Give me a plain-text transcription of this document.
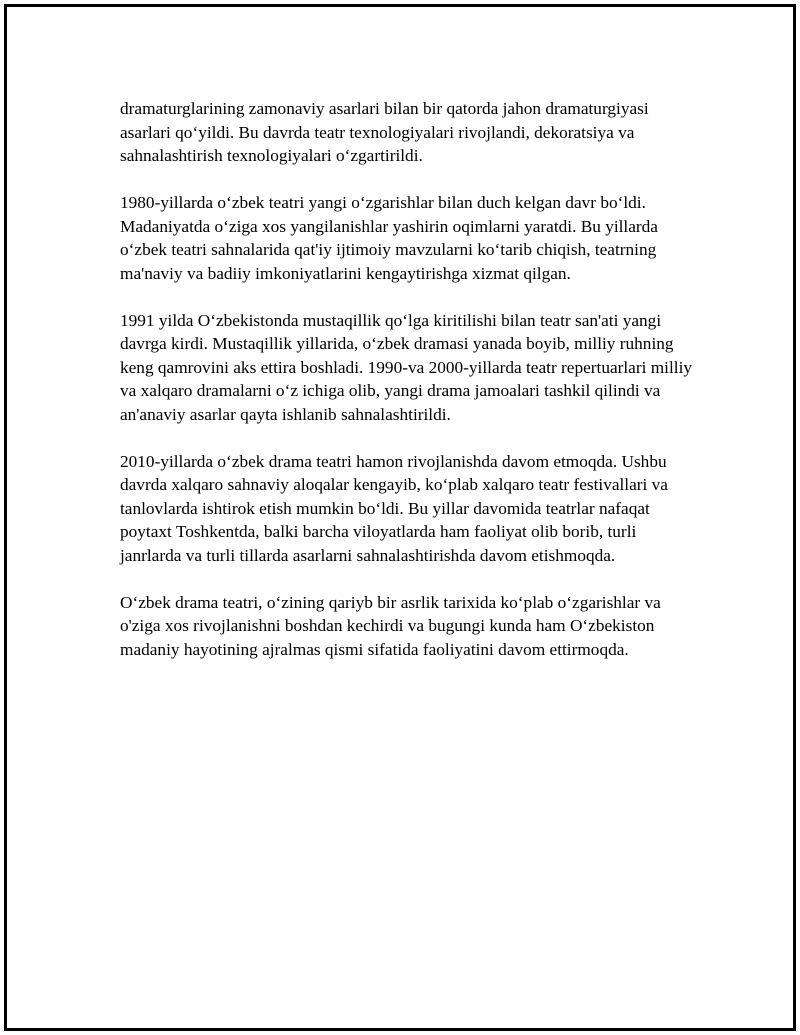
dramaturglarining zamonaviy asarlari bilan bir qatorda jahon dramaturgiyasi asarlari qo‘yildi. Bu davrda teatr texnologiyalari rivojlandi, dekoratsiya va sahnalashtirish texnologiyalari o‘zgartirildi.

1980-yillarda o‘zbek teatri yangi o‘zgarishlar bilan duch kelgan davr bo‘ldi. Madaniyatda o‘ziga xos yangilanishlar yashirin oqimlarni yaratdi. Bu yillarda o‘zbek teatri sahnalarida qat'iy ijtimoiy mavzularni ko‘tarib chiqish, teatrning ma'naviy va badiiy imkoniyatlarini kengaytirishga xizmat qilgan.

1991 yilda O‘zbekistonda mustaqillik qo‘lga kiritilishi bilan teatr san'ati yangi davrga kirdi. Mustaqillik yillarida, o‘zbek dramasi yanada boyib, milliy ruhning keng qamrovini aks ettira boshladi. 1990-va 2000-yillarda teatr repertuarlari milliy va xalqaro dramalarni o‘z ichiga olib, yangi drama jamoalari tashkil qilindi va an'anaviy asarlar qayta ishlanib sahnalashtirildi.

2010-yillarda o‘zbek drama teatri hamon rivojlanishda davom etmoqda. Ushbu davrda xalqaro sahnaviy aloqalar kengayib, ko‘plab xalqaro teatr festivallari va tanlovlarda ishtirok etish mumkin bo‘ldi. Bu yillar davomida teatrlar nafaqat poytaxt Toshkentda, balki barcha viloyatlarda ham faoliyat olib borib, turli janrlarda va turli tillarda asarlarni sahnalashtirishda davom etishmoqda.

O‘zbek drama teatri, o‘zining qariyb bir asrlik tarixida ko‘plab o‘zgarishlar va o'ziga xos rivojlanishni boshdan kechirdi va bugungi kunda ham O‘zbekiston madaniy hayotining ajralmas qismi sifatida faoliyatini davom ettirmoqda.
